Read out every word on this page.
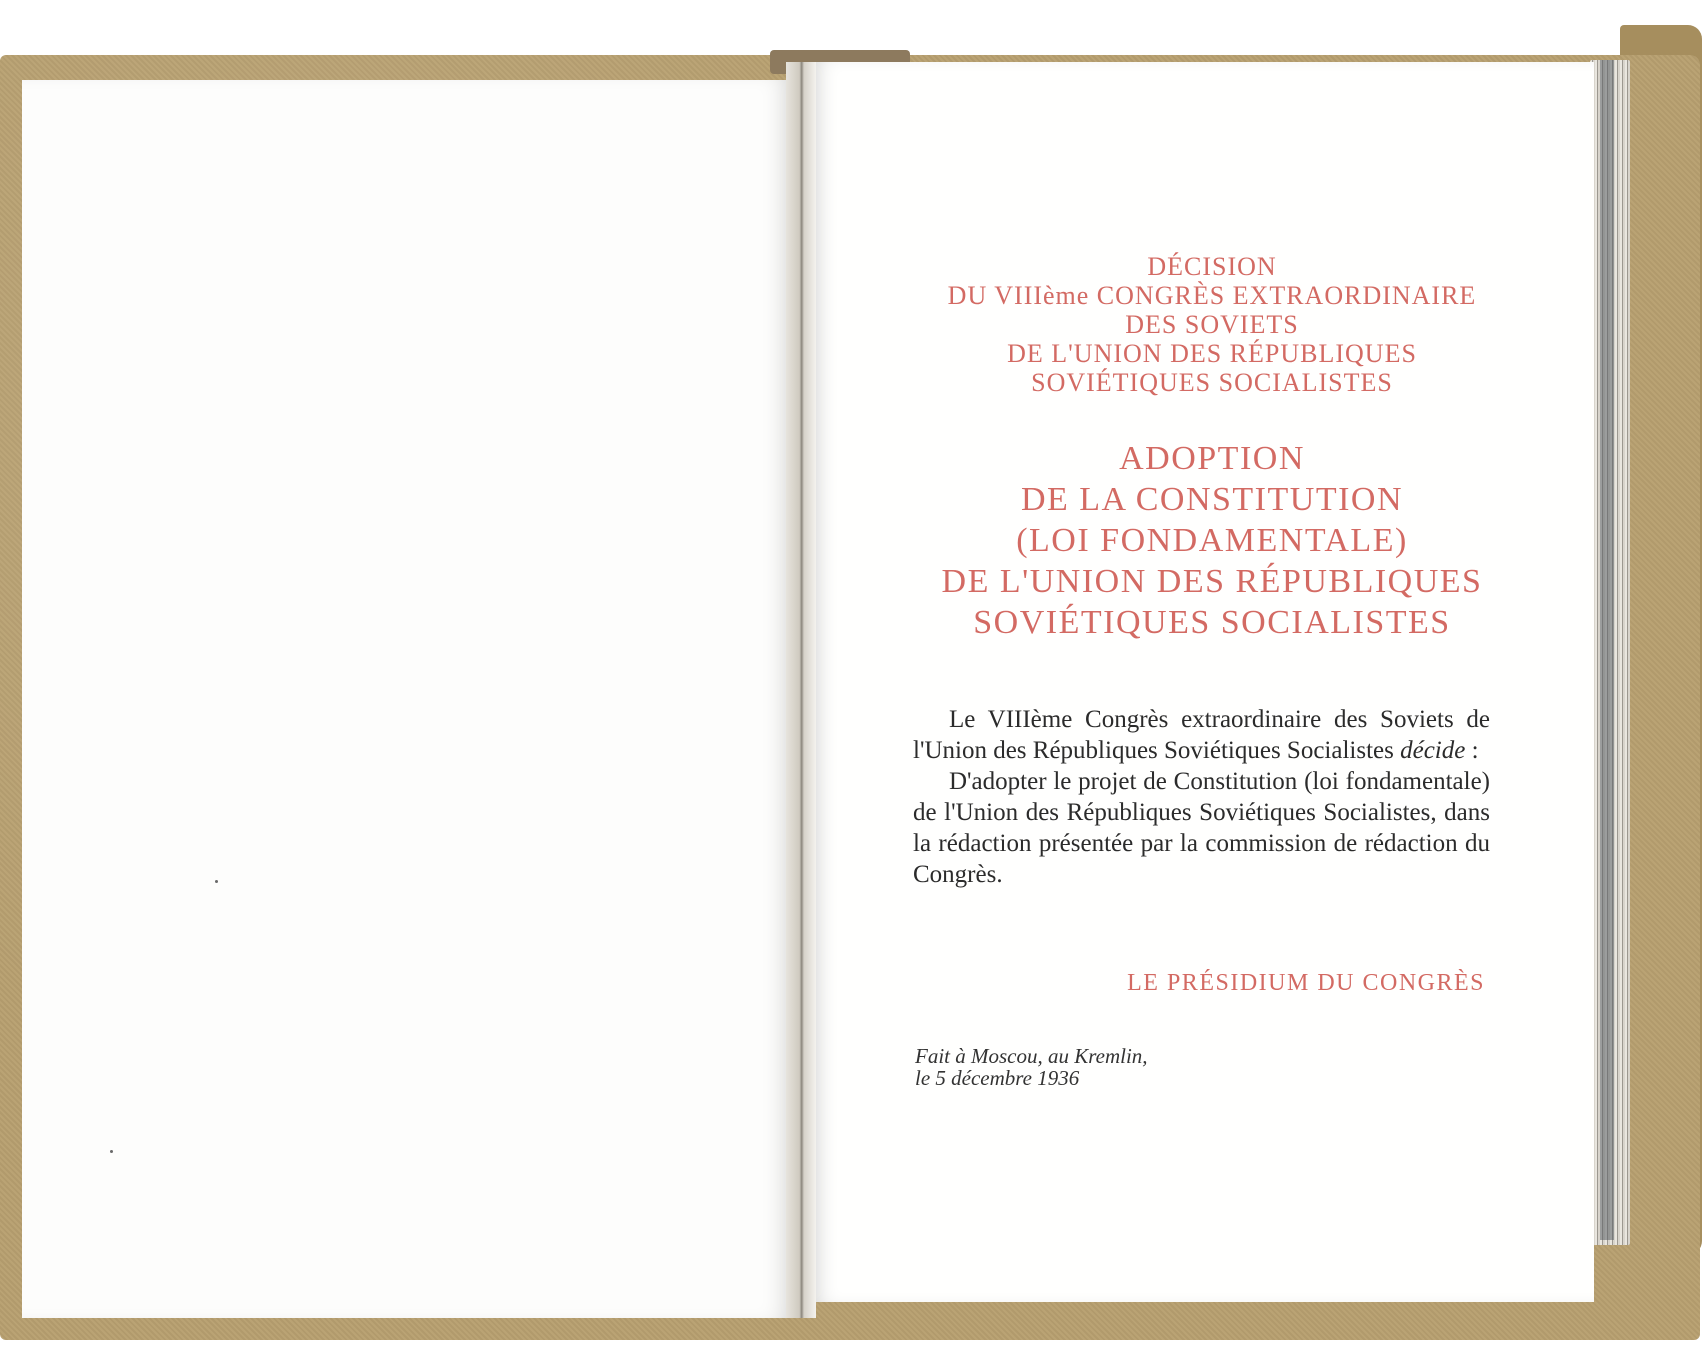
DÉCISION
DU VIIIème CONGRÈS EXTRAORDINAIRE
DES SOVIETS
DE L'UNION DES RÉPUBLIQUES
SOVIÉTIQUES SOCIALISTES
ADOPTION
DE LA CONSTITUTION
(LOI FONDAMENTALE)
DE L'UNION DES RÉPUBLIQUES
SOVIÉTIQUES SOCIALISTES

Le VIIIème Congrès extraordinaire des Soviets de l'Union des Républiques Soviétiques Socialistes décide :

D'adopter le projet de Constitution (loi fondamentale) de l'Union des Républiques Soviétiques Socialistes, dans la rédaction présentée par la commission de rédaction du Congrès.

LE PRÉSIDIUM DU CONGRÈS
Fait à Moscou, au Kremlin,
le 5 décembre 1936
